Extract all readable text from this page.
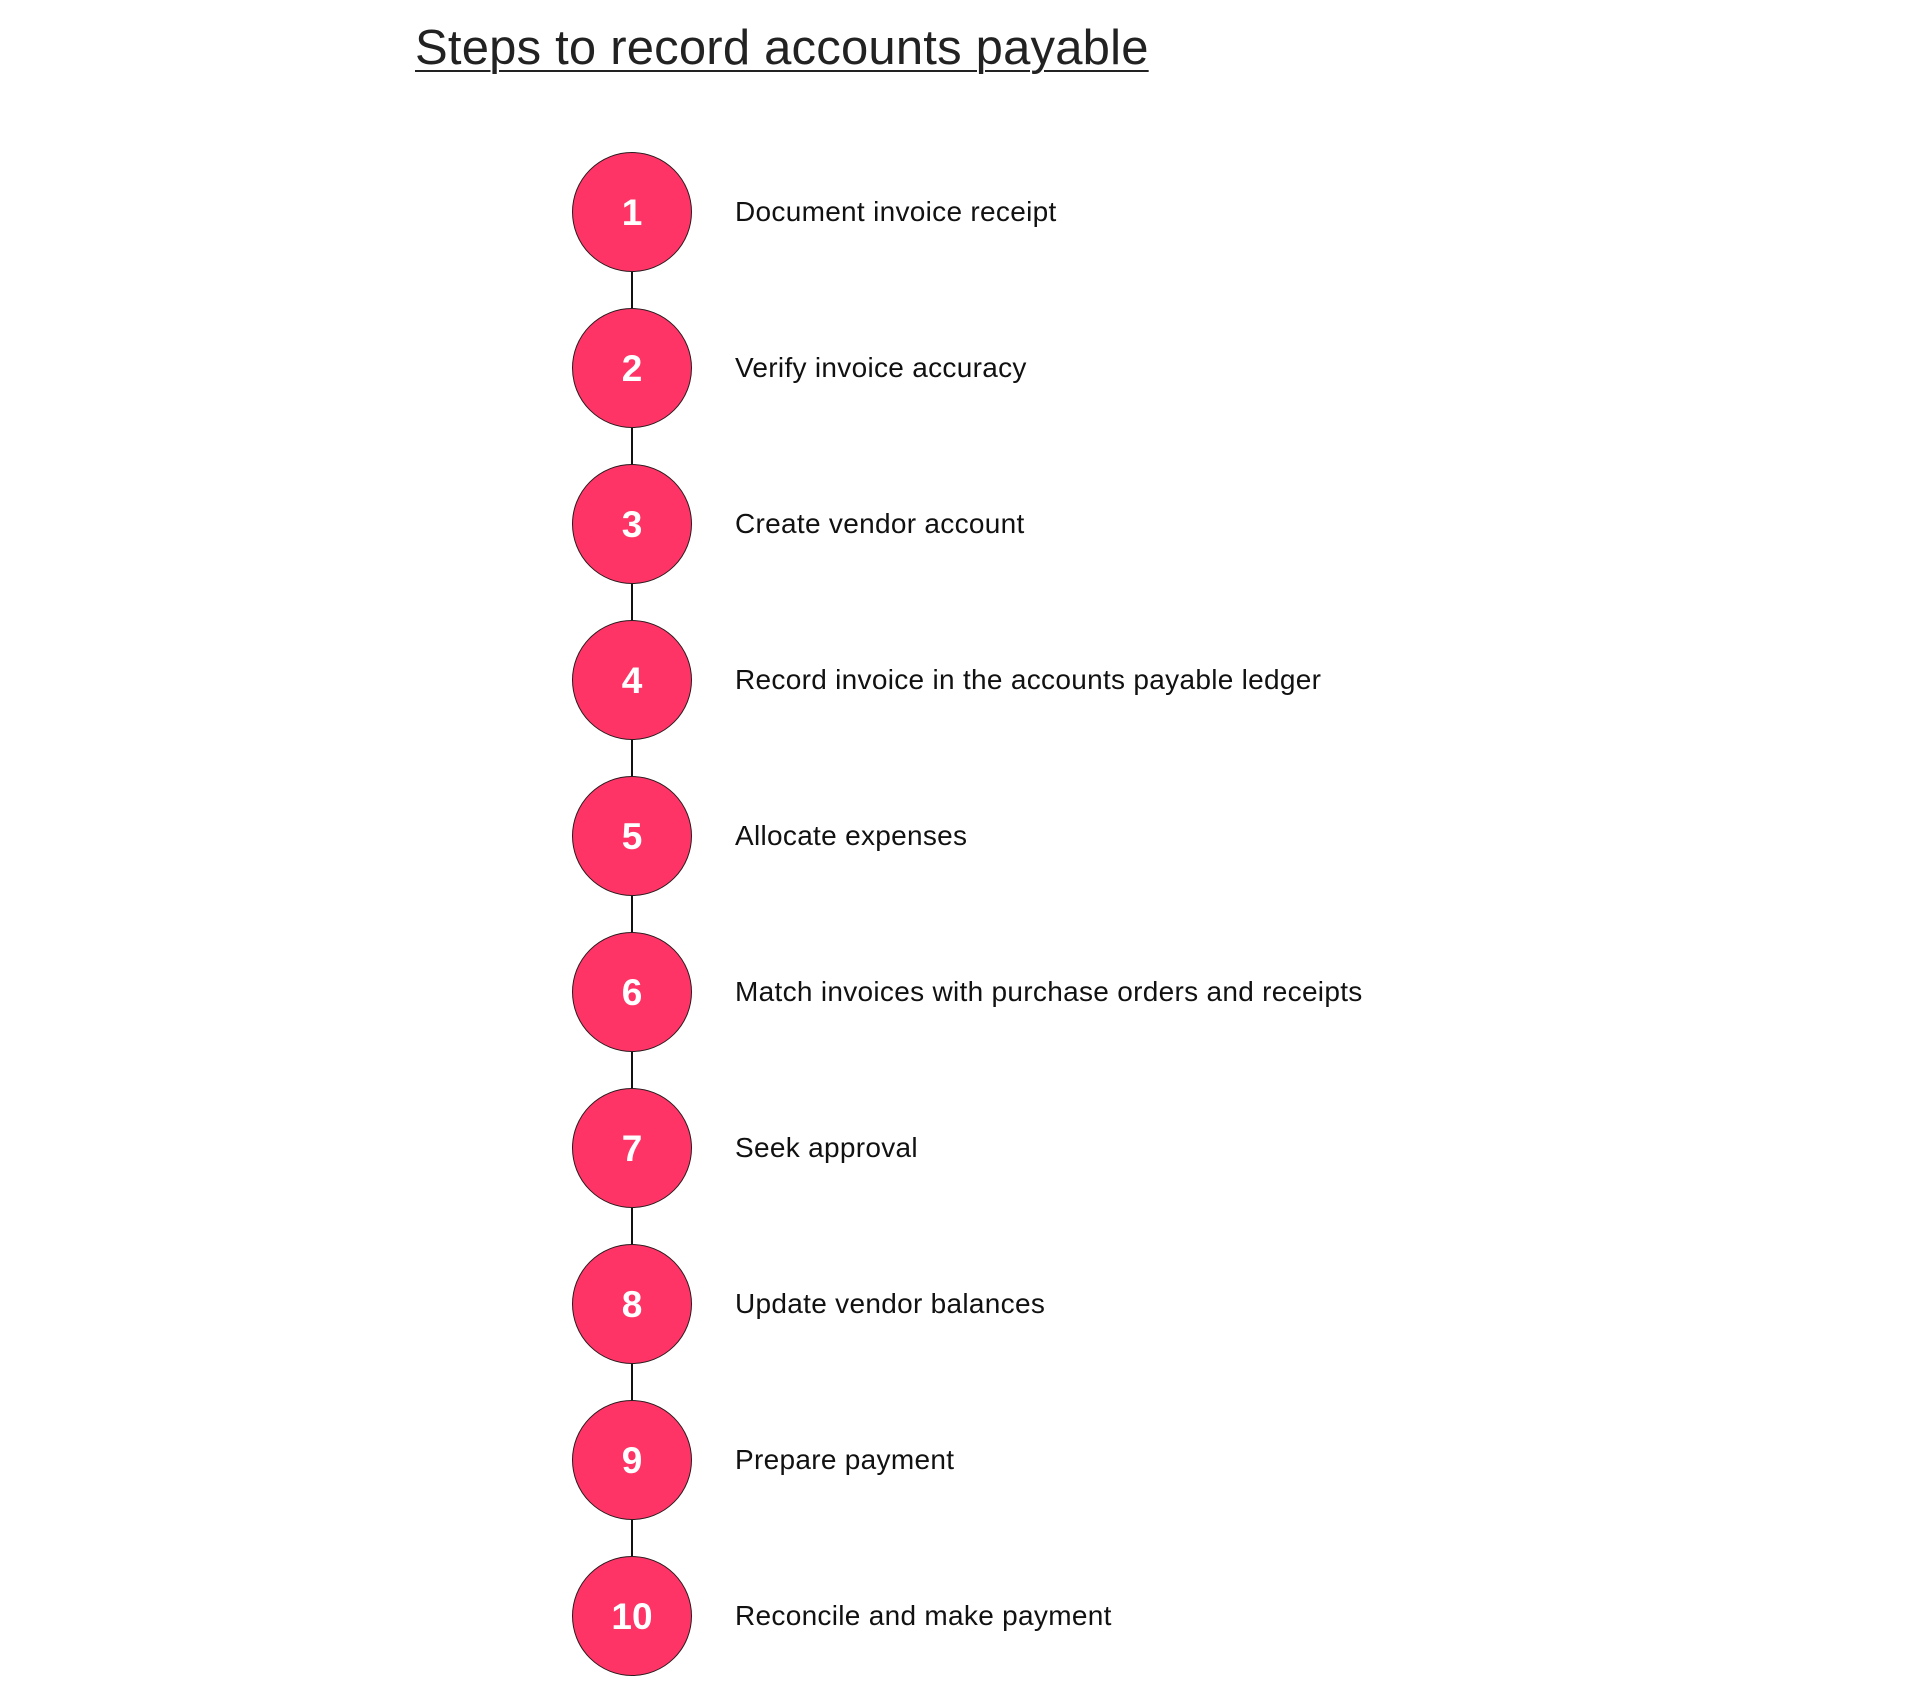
Steps to record accounts payable
1	Document invoice receipt
2	Verify invoice accuracy
3	Create vendor account
4	Record invoice in the accounts payable ledger
5	Allocate expenses
6	Match invoices with purchase orders and receipts
7	Seek approval
8	Update vendor balances
9	Prepare payment
10	Reconcile and make payment
